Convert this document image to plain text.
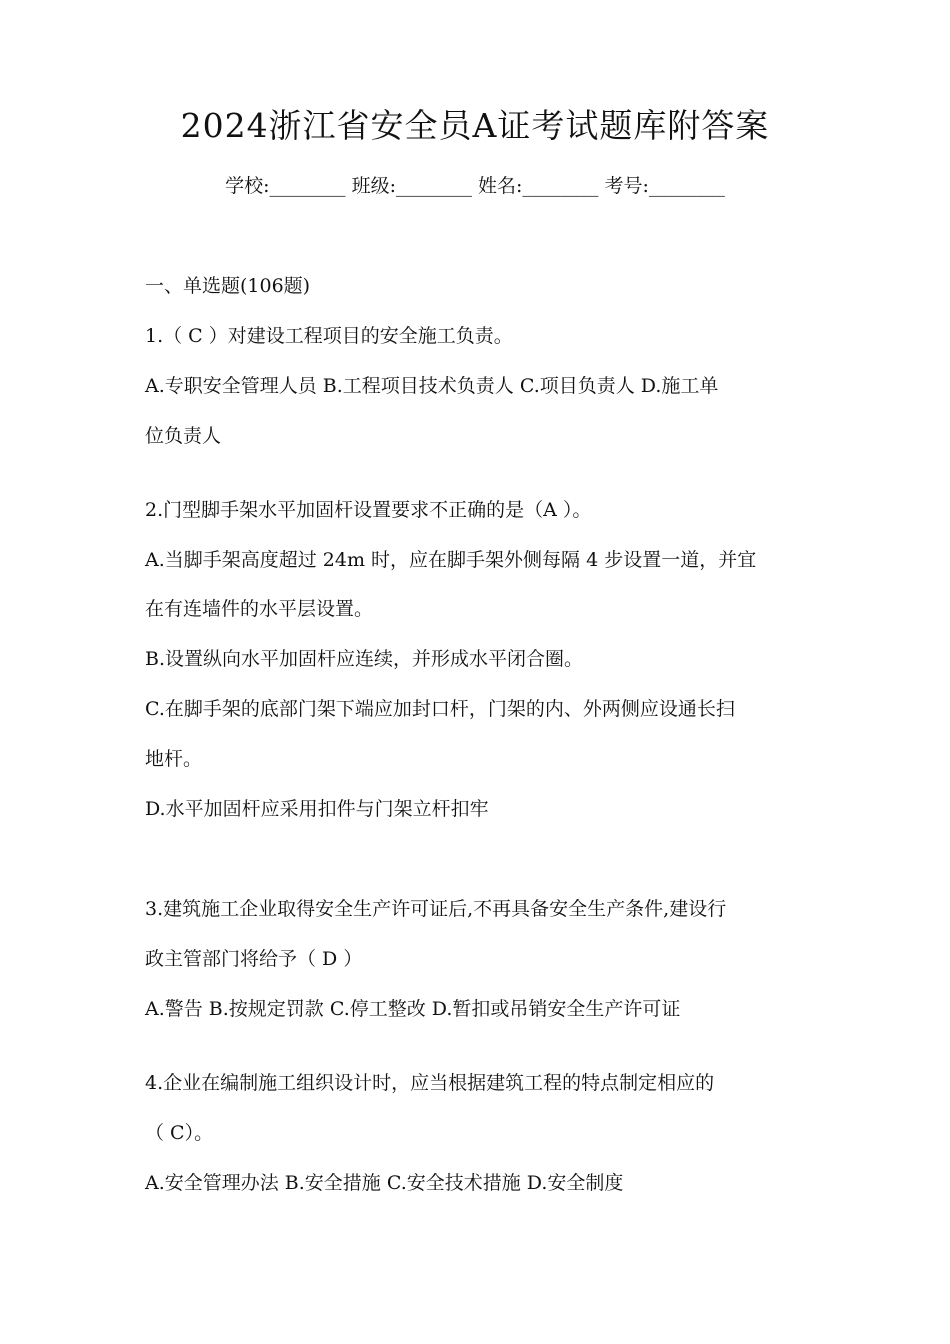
2024浙江省安全员A证考试题库附答案
学校:________ 班级:________ 姓名:________ 考号:________
一、单选题(106题)
1.（ C ）对建设工程项目的安全施工负责。
A.专职安全管理人员 B.工程项目技术负责人 C.项目负责人 D.施工单
位负责人
2.门型脚手架水平加固杆设置要求不正确的是（A ）。
A.当脚手架高度超过 24m 时，应在脚手架外侧每隔 4 步设置一道，并宜
在有连墙件的水平层设置。
B.设置纵向水平加固杆应连续，并形成水平闭合圈。
C.在脚手架的底部门架下端应加封口杆，门架的内、外两侧应设通长扫
地杆。
D.水平加固杆应采用扣件与门架立杆扣牢
3.建筑施工企业取得安全生产许可证后,不再具备安全生产条件,建设行
政主管部门将给予（ D ）
A.警告 B.按规定罚款 C.停工整改 D.暂扣或吊销安全生产许可证
4.企业在编制施工组织设计时，应当根据建筑工程的特点制定相应的
（ C）。
A.安全管理办法 B.安全措施 C.安全技术措施 D.安全制度
